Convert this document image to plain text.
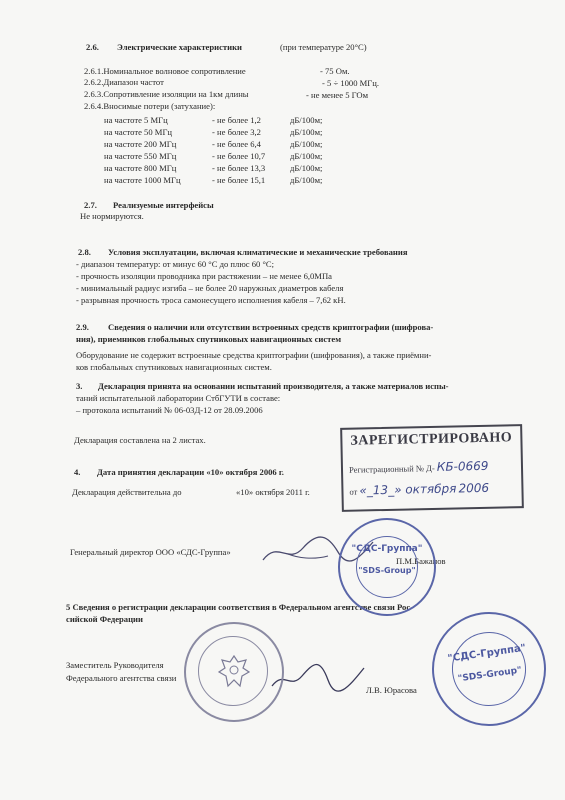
2.6. Электрические характеристики	(при температуре 20°С)
2.6.1.Номинальное волновое сопротивление	- 75 Ом.
2.6.2.Диапазон частот	- 5 ÷ 1000 МГц.
2.6.3.Сопротивление изоляции на 1км длины	- не менее 5 ГОм
2.6.4.Вносимые потери (затухание):
на частоте 5 МГц	- не более 1,2	дБ/100м;
на частоте 50 МГц	- не более 3,2	дБ/100м;
на частоте 200 МГц	- не более 6,4	дБ/100м;
на частоте 550 МГц	- не более 10,7	дБ/100м;
на частоте 800 МГц	- не более 13,3	дБ/100м;
на частоте 1000 МГц	- не более 15,1	дБ/100м;
2.7. Реализуемые интерфейсы
Не нормируются.
2.8. Условия эксплуатации, включая климатические и механические требования
- диапазон температур: от минус 60 °С до плюс 60 °С;
- прочность изоляции проводника при растяжении – не менее 6,0МПа
- минимальный радиус изгиба – не более 20 наружных диаметров кабеля
- разрывная прочность троса самонесущего исполнения кабеля – 7,62 кН.
2.9. Сведения о наличии или отсутствии встроенных средств криптографии (шифрова-
ния), приемников глобальных спутниковых навигационных систем
Оборудование не содержит встроенные средства криптографии (шифрования), а также приёмни-
ков глобальных спутниковых навигационных систем.
3. Декларация принята на основании испытаний производителя, а также материалов испы-
таний испытательной лаборатории СтбГУТИ в составе:
– протокола испытаний № 06-03Д-12 от 28.09.2006
Декларация составлена на 2 листах.
4. Дата принятия декларации «10» октября 2006 г.
Декларация действительна до	«10» октября 2011 г.
Генеральный директор ООО «СДС-Группа»
П.М.Бажанов
5 Сведения о регистрации декларации соответствия в Федеральном агентстве связи Рос-
сийской Федерации
Заместитель Руководителя
Федерального агентства связи
Л.В. Юрасова
ЗАРЕГИСТРИРОВАНО
Регистрационный № Д- КБ-0669
от «_13_» октября 2006
"СДС-Группа"
"SDS-Group"
"СДС-Группа"
"SDS-Group"
